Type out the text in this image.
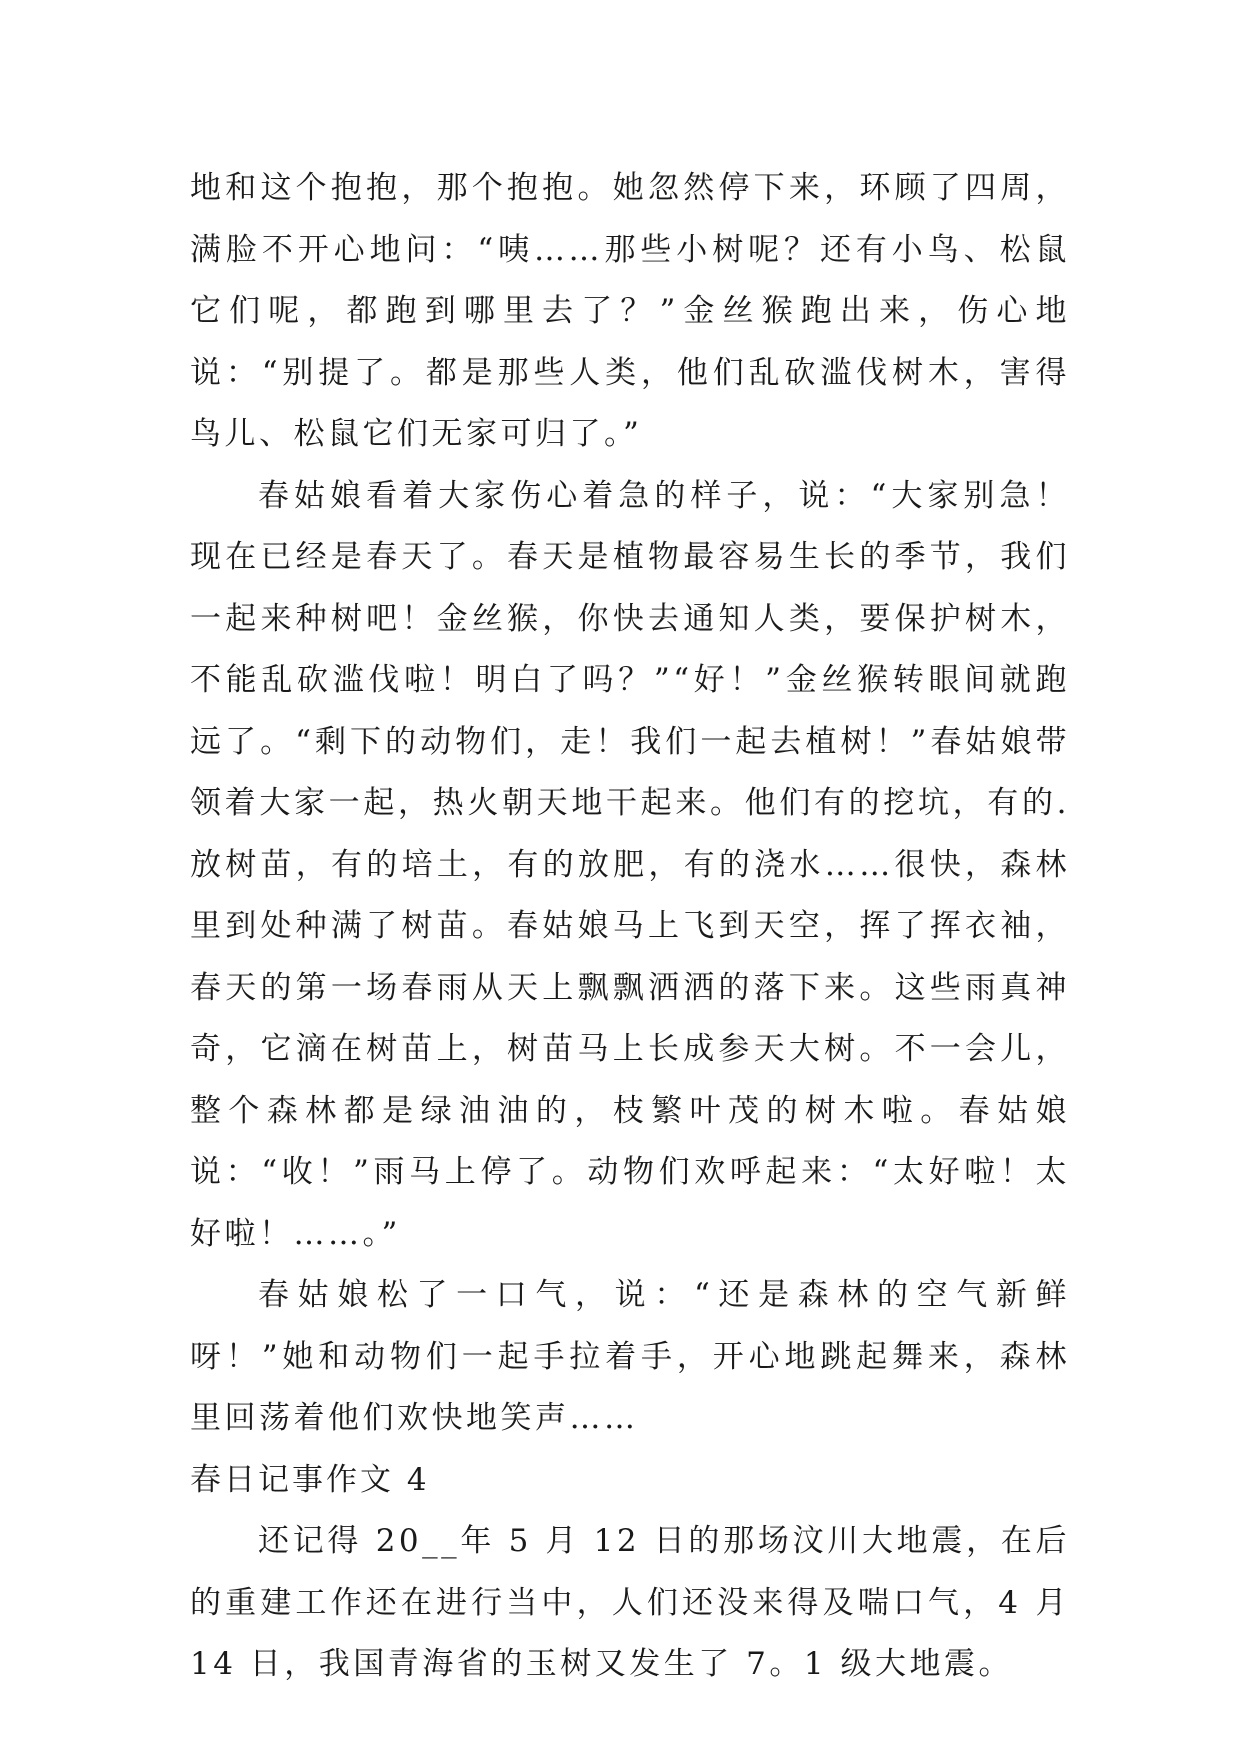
地和这个抱抱，那个抱抱。她忽然停下来，环顾了四周，满脸不开心地问：“咦……那些小树呢？还有小鸟、松鼠它们呢，都跑到哪里去了？”金丝猴跑出来，伤心地说：“别提了。都是那些人类，他们乱砍滥伐树木，害得鸟儿、松鼠它们无家可归了。”

春姑娘看着大家伤心着急的样子，说：“大家别急！现在已经是春天了。春天是植物最容易生长的季节，我们一起来种树吧！金丝猴，你快去通知人类，要保护树木，不能乱砍滥伐啦！明白了吗？”“好！”金丝猴转眼间就跑远了。“剩下的动物们，走！我们一起去植树！”春姑娘带领着大家一起，热火朝天地干起来。他们有的挖坑，有的.放树苗，有的培土，有的放肥，有的浇水……很快，森林里到处种满了树苗。春姑娘马上飞到天空，挥了挥衣袖，春天的第一场春雨从天上飘飘洒洒的落下来。这些雨真神奇，它滴在树苗上，树苗马上长成参天大树。不一会儿，整个森林都是绿油油的，枝繁叶茂的树木啦。春姑娘说：“收！”雨马上停了。动物们欢呼起来：“太好啦！太好啦！……。”

春姑娘松了一口气，说：“还是森林的空气新鲜呀！”她和动物们一起手拉着手，开心地跳起舞来，森林里回荡着他们欢快地笑声……

春日记事作文 4

还记得 20__年 5 月 12 日的那场汶川大地震，在后的重建工作还在进行当中，人们还没来得及喘口气，4 月 14 日，我国青海省的玉树又发生了 7。1 级大地震。
